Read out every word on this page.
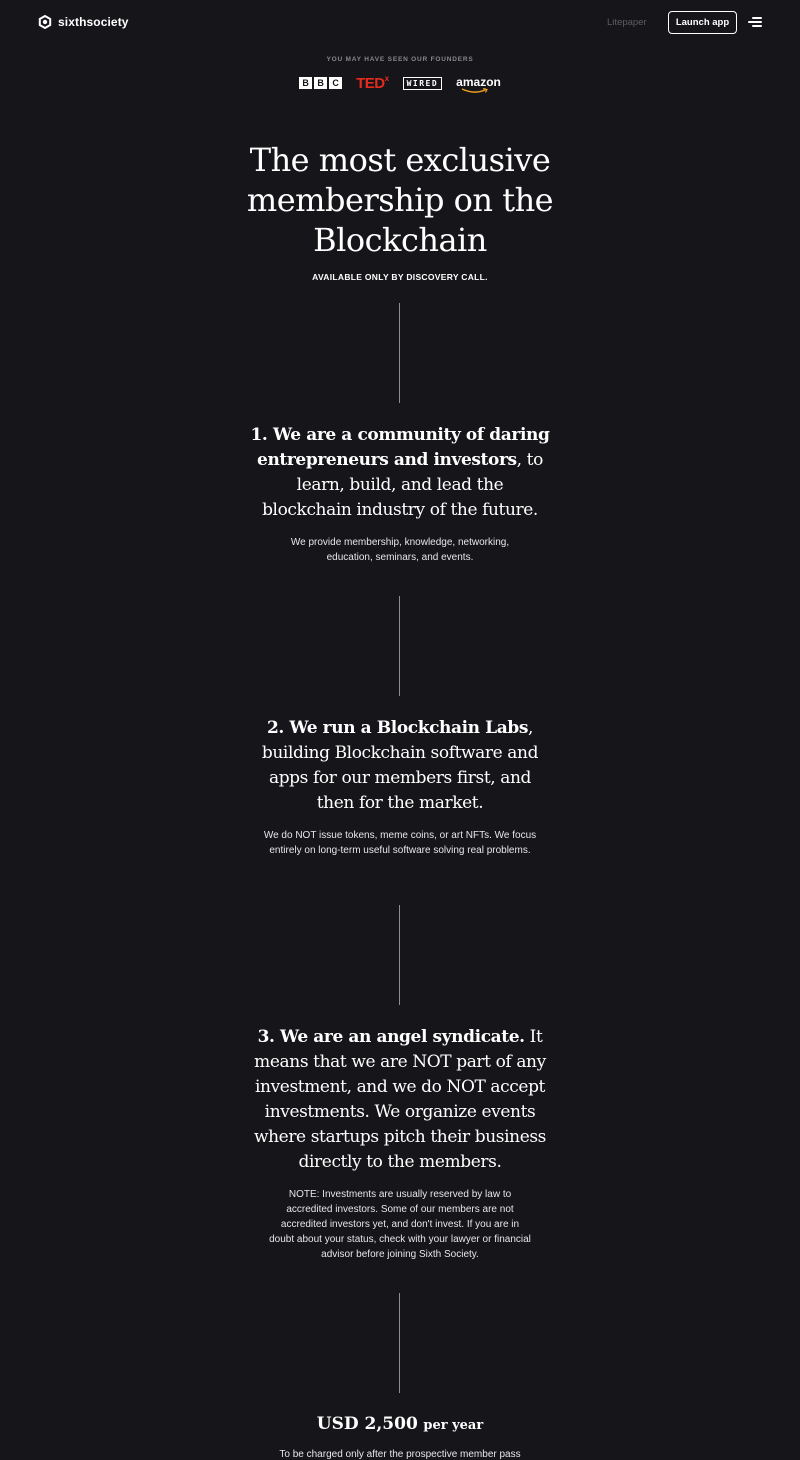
sixthsociety	Litepaper	Launch app
YOU MAY HAVE SEEN OUR FOUNDERS
B B C TED$^x$	WIRED	amazon
The most exclusive membership on the Blockchain
AVAILABLE ONLY BY DISCOVERY CALL.
1. We are a community of daring entrepreneurs and investors, to learn, build, and lead the blockchain industry of the future.

We provide membership, knowledge, networking, education, seminars, and events.

2. We run a Blockchain Labs, building Blockchain software and apps for our members first, and then for the market.

We do NOT issue tokens, meme coins, or art NFTs. We focus entirely on long-term useful software solving real problems.

3. We are an angel syndicate. It means that we are NOT part of any investment, and we do NOT accept investments. We organize events where startups pitch their business directly to the members.

NOTE: Investments are usually reserved by law to accredited investors. Some of our members are not accredited investors yet, and don't invest. If you are in doubt about your status, check with your lawyer or financial advisor before joining Sixth Society.

USD 2,500 per year
To be charged only after the prospective member pass
